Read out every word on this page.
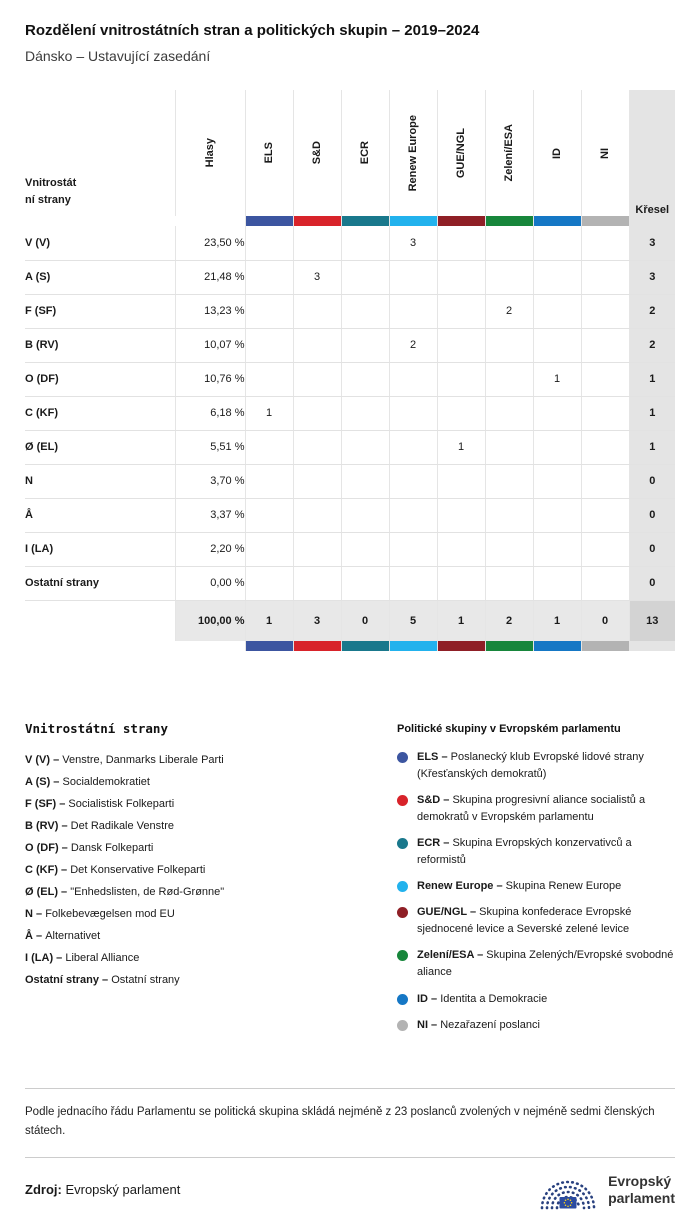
Rozdělení vnitrostátních stran a politických skupin – 2019–2024
Dánsko – Ustavující zasedání
Vnitrostátní strany	Hlasy	ELS	S&D	ECR	Renew Europe	GUE/NGL	Zelení/ESA	ID	NI	Křesel

V (V)	23,50 %				3					3
A (S)	21,48 %		3							3
F (SF)	13,23 %						2			2
B (RV)	10,07 %				2					2
O (DF)	10,76 %							1		1
C (KF)	6,18 %	1								1
Ø (EL)	5,51 %					1				1
N	3,70 %									0
Å	3,37 %									0
I (LA)	2,20 %									0
Ostatní strany	0,00 %									0
	100,00 %	1	3	0	5	1	2	1	0	13

Vnitrostátní strany
V (V) – Venstre, Danmarks Liberale Parti
A (S) – Socialdemokratiet
F (SF) – Socialistisk Folkeparti
B (RV) – Det Radikale Venstre
O (DF) – Dansk Folkeparti
C (KF) – Det Konservative Folkeparti
Ø (EL) – "Enhedslisten, de Rød-Grønne"
N – Folkebevægelsen mod EU
Å – Alternativet
I (LA) – Liberal Alliance
Ostatní strany – Ostatní strany
Politické skupiny v Evropském parlamentu
ELS – Poslanecký klub Evropské lidové strany (Křesťanských demokratů)
S&D – Skupina progresivní aliance socialistů a demokratů v Evropském parlamentu
ECR – Skupina Evropských konzervativců a reformistů
Renew Europe – Skupina Renew Europe
GUE/NGL – Skupina konfederace Evropské sjednocené levice a Severské zelené levice
Zelení/ESA – Skupina Zelených/Evropské svobodné aliance
ID – Identita a Demokracie
NI – Nezařazení poslanci
Podle jednacího řádu Parlamentu se politická skupina skládá nejméně z 23 poslanců zvolených v nejméně sedmi členských státech.
Zdroj: Evropský parlament
Evropský
parlament
